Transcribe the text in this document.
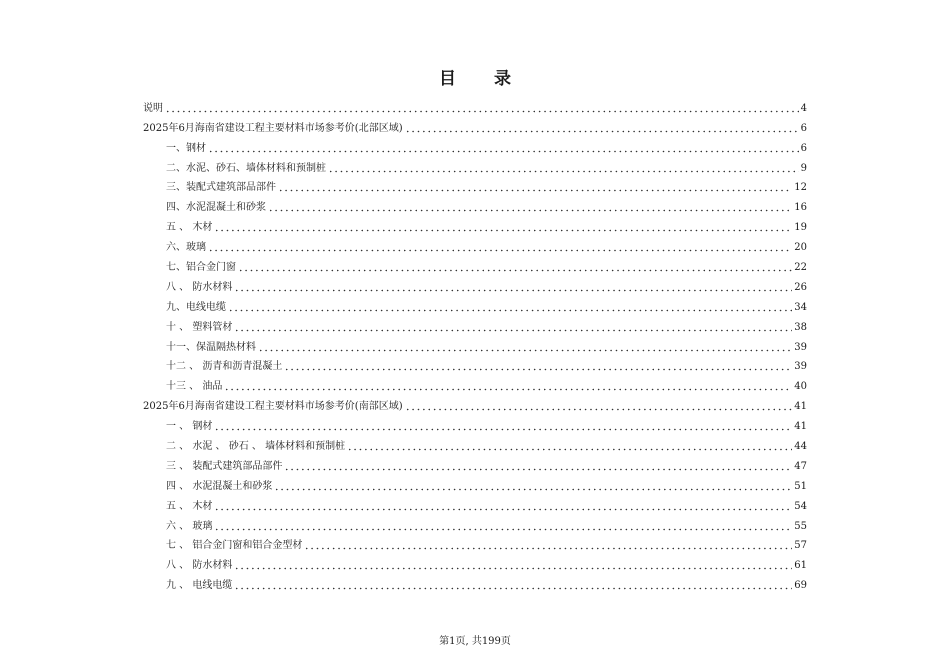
目 录
说明	4
2025年6月海南省建设工程主要材料市场参考价(北部区域)	6
一、钢材	6
二、水泥、砂石、墙体材料和预制桩	9
三、装配式建筑部品部件	12
四、水泥混凝土和砂浆	16
五 、 木材	19
六、玻璃	20
七、铝合金门窗	22
八 、 防水材料	26
九、电线电缆	34
十 、 塑料管材	38
十一、保温隔热材料	39
十二 、 沥青和沥青混凝土	39
十三 、 油品	40
2025年6月海南省建设工程主要材料市场参考价(南部区域)	41
一 、 钢材	41
二 、 水泥 、 砂石 、 墙体材料和预制桩	44
三 、 装配式建筑部品部件	47
四 、 水泥混凝土和砂浆	51
五 、 木材	54
六 、 玻璃	55
七 、 铝合金门窗和铝合金型材	57
八 、 防水材料	61
九 、 电线电缆	69
第1页, 共199页
